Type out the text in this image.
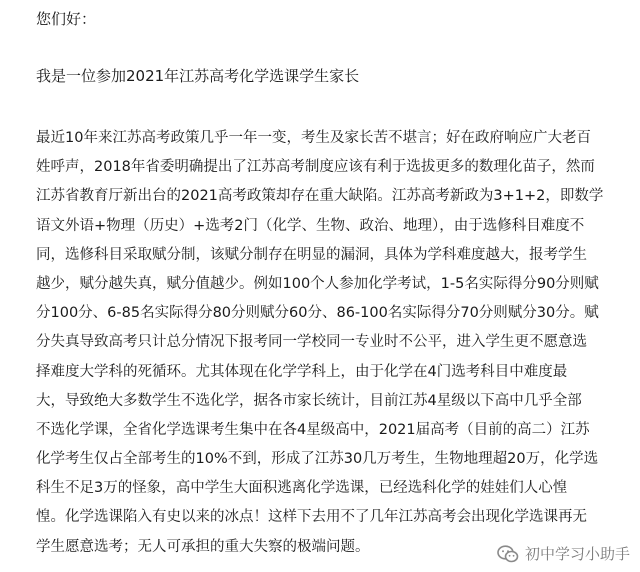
您们好：
我是一位参加2021年江苏高考化学选课学生家长
最近10年来江苏高考政策几乎一年一变，考生及家长苦不堪言；好在政府响应广大老百
姓呼声，2018年省委明确提出了江苏高考制度应该有利于选拔更多的数理化苗子，然而
江苏省教育厅新出台的2021高考政策却存在重大缺陷。江苏高考新政为3+1+2，即数学
语文外语+物理（历史）+选考2门（化学、生物、政治、地理），由于选修科目难度不
同，选修科目采取赋分制，该赋分制存在明显的漏洞，具体为学科难度越大，报考学生
越少，赋分越失真，赋分值越少。例如100个人参加化学考试，1-5名实际得分90分则赋
分100分、6-85名实际得分80分则赋分60分、86-100名实际得分70分则赋分30分。赋
分失真导致高考只计总分情况下报考同一学校同一专业时不公平，进入学生更不愿意选
择难度大学科的死循环。尤其体现在化学学科上，由于化学在4门选考科目中难度最
大，导致绝大多数学生不选化学，据各市家长统计，目前江苏4星级以下高中几乎全部
不选化学课，全省化学选课考生集中在各4星级高中，2021届高考（目前的高二）江苏
化学考生仅占全部考生的10%不到，形成了江苏30几万考生，生物地理超20万，化学选
科生不足3万的怪象，高中学生大面积逃离化学选课，已经选科化学的娃娃们人心惶
惶。化学选课陷入有史以来的冰点！这样下去用不了几年江苏高考会出现化学选课再无
学生愿意选考；无人可承担的重大失察的极端问题。	初中学习小助手
